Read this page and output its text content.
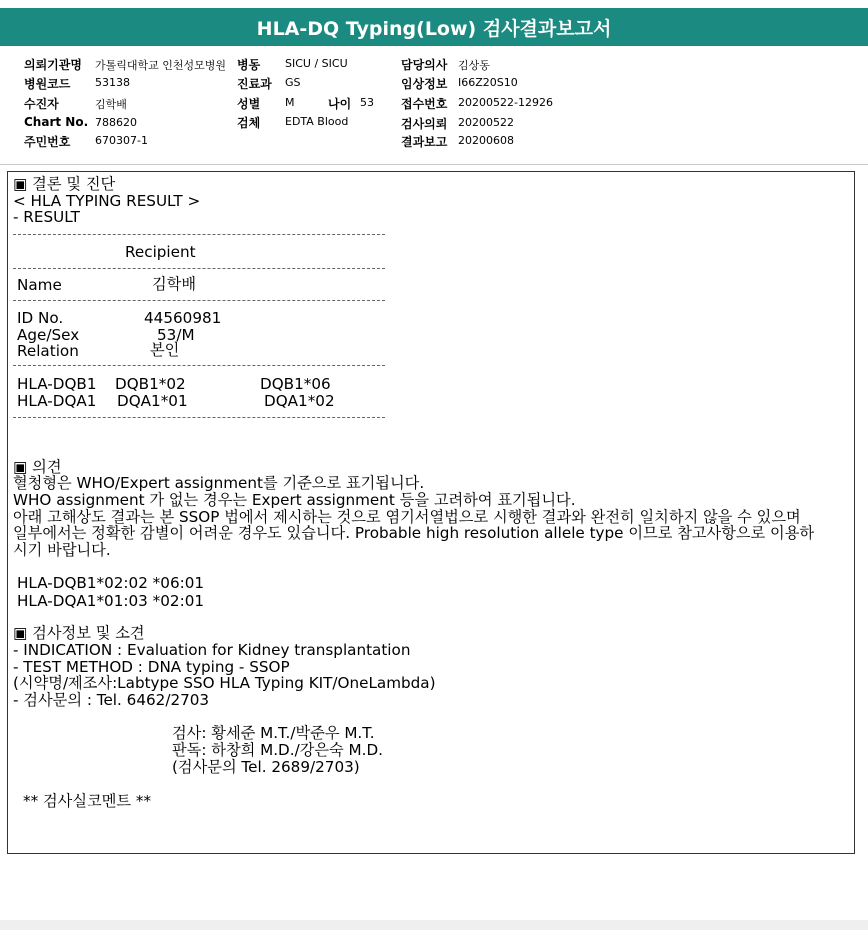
HLA-DQ Typing(Low) 검사결과보고서
의뢰기관명 가톨릭대학교 인천성모병원 병동 SICU / SICU	담당의사 김상동
병원코드 53138	진료과 GS	임상정보 I66Z20S10
수진자	김학배	성별 M	나이 53 접수번호 20200522-12926
Chart No. 788620	검체 EDTA Blood	검사의뢰 20200522
주민번호 670307-1	결과보고 20200608
▣ 결론 및 진단
< HLA TYPING RESULT >
- RESULT
Recipient
Name	김학배
ID No.	44560981
Age/Sex	53/M
Relation	본인
HLA-DQB1 DQB1*02	DQB1*06
HLA-DQA1 DQA1*01	DQA1*02
▣ 의견
혈청형은 WHO/Expert assignment를 기준으로 표기됩니다.
WHO assignment 가 없는 경우는 Expert assignment 등을 고려하여 표기됩니다.
아래 고해상도 결과는 본 SSOP 법에서 제시하는 것으로 염기서열법으로 시행한 결과와 완전히 일치하지 않을 수 있으며
일부에서는 정확한 감별이 어려운 경우도 있습니다. Probable high resolution allele type 이므로 참고사항으로 이용하
시기 바랍니다.
HLA-DQB1*02:02 *06:01
HLA-DQA1*01:03 *02:01
▣ 검사정보 및 소견
- INDICATION : Evaluation for Kidney transplantation
- TEST METHOD : DNA typing - SSOP
(시약명/제조사:Labtype SSO HLA Typing KIT/OneLambda)
- 검사문의 : Tel. 6462/2703
검사: 황세준 M.T./박준우 M.T.
판독: 하창희 M.D./강은숙 M.D.
(검사문의 Tel. 2689/2703)
** 검사실코멘트 **
